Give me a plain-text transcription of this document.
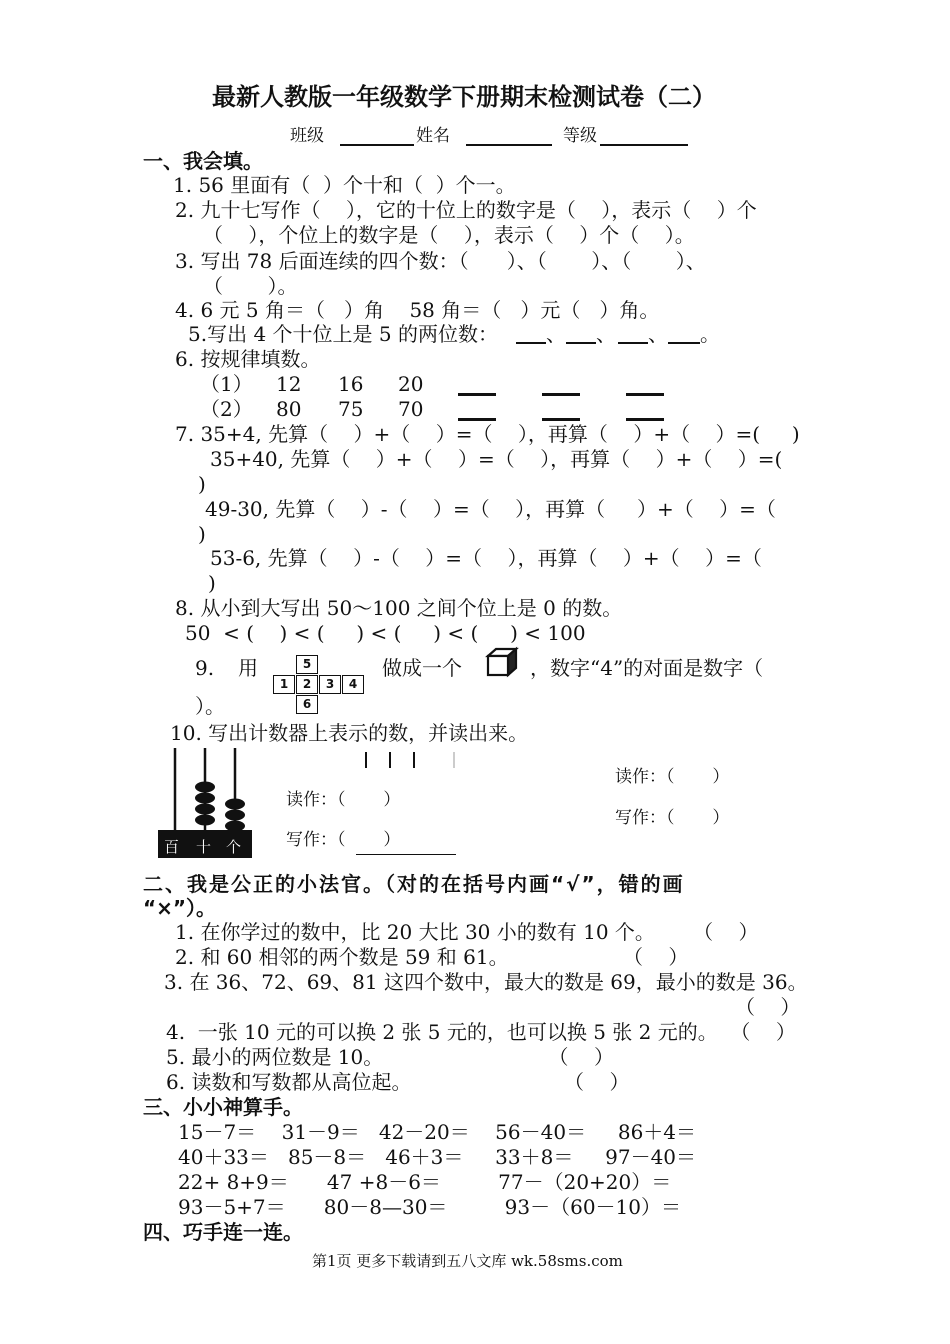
最新人教版一年级数学下册期末检测试卷（二）
班级	姓名	等级
一、我会填。
1. 56 里面有（  ）个十和（  ）个一。
2. 九十七写作（    ），它的十位上的数字是（    ），表示（    ）个
（    ），个位上的数字是（    ），表示（    ）个（    ）。
3. 写出 78 后面连续的四个数：（      ）、（       ）、（       ）、
（       ）。
4. 6 元 5 角＝（   ）角    58 角＝（   ）元（   ）角。
5.写出 4 个十位上是 5 的两位数： 、 、 、 。
6. 按规律填数。
（1） 12 16 20
（2） 80 75 70
7. 35+4, 先算（    ）+（    ）=（    ），再算（    ）+（    ）=(     )
35+40, 先算（    ）+（    ）=（    ），再算（    ）+（    ）=(
)
49-30, 先算（    ）-（    ）=（    ），再算（     ）+（    ）=（
)
53-6, 先算（    ）-（    ）=（    ），再算（    ）+（    ）=（
)
8. 从小到大写出 50～100 之间个位上是 0 的数。
50  < (    ) < (     ) < (     ) < (     ) < 100
9. 用	5
1	2	3	4
6
做成一个	，数字“4”的对面是数字（
）。
10. 写出计数器上表示的数，并读出来。
百 十 个
读作：（       ）
写作：（       ）
读作：（       ）
写作：（       ）
二、我是公正的小法官。（对的在括号内画“√”，错的画
“×”）。
1. 在你学过的数中，比 20 大比 30 小的数有 10 个。      （    ）
2. 和 60 相邻的两个数是 59 和 61。                  （    ）
3. 在 36、72、69、81 这四个数中，最大的数是 69，最小的数是 36。
（    ）
4.  一张 10 元的可以换 2 张 5 元的，也可以换 5 张 2 元的。  （    ）
5. 最小的两位数是 10。                          （    ）
6. 读数和写数都从高位起。                        （    ）
三、小小神算手。
15－7＝    31－9＝   42－20＝    56－40＝     86＋4＝
40＋33＝   85－8＝   46＋3＝     33＋8＝     97－40＝
22+ 8+9＝      47 +8－6＝         77－（20+20）＝
93－5+7＝      80－8—30＝         93－（60－10）＝
四、巧手连一连。
第1页 更多下载请到五八文库 wk.58sms.com
